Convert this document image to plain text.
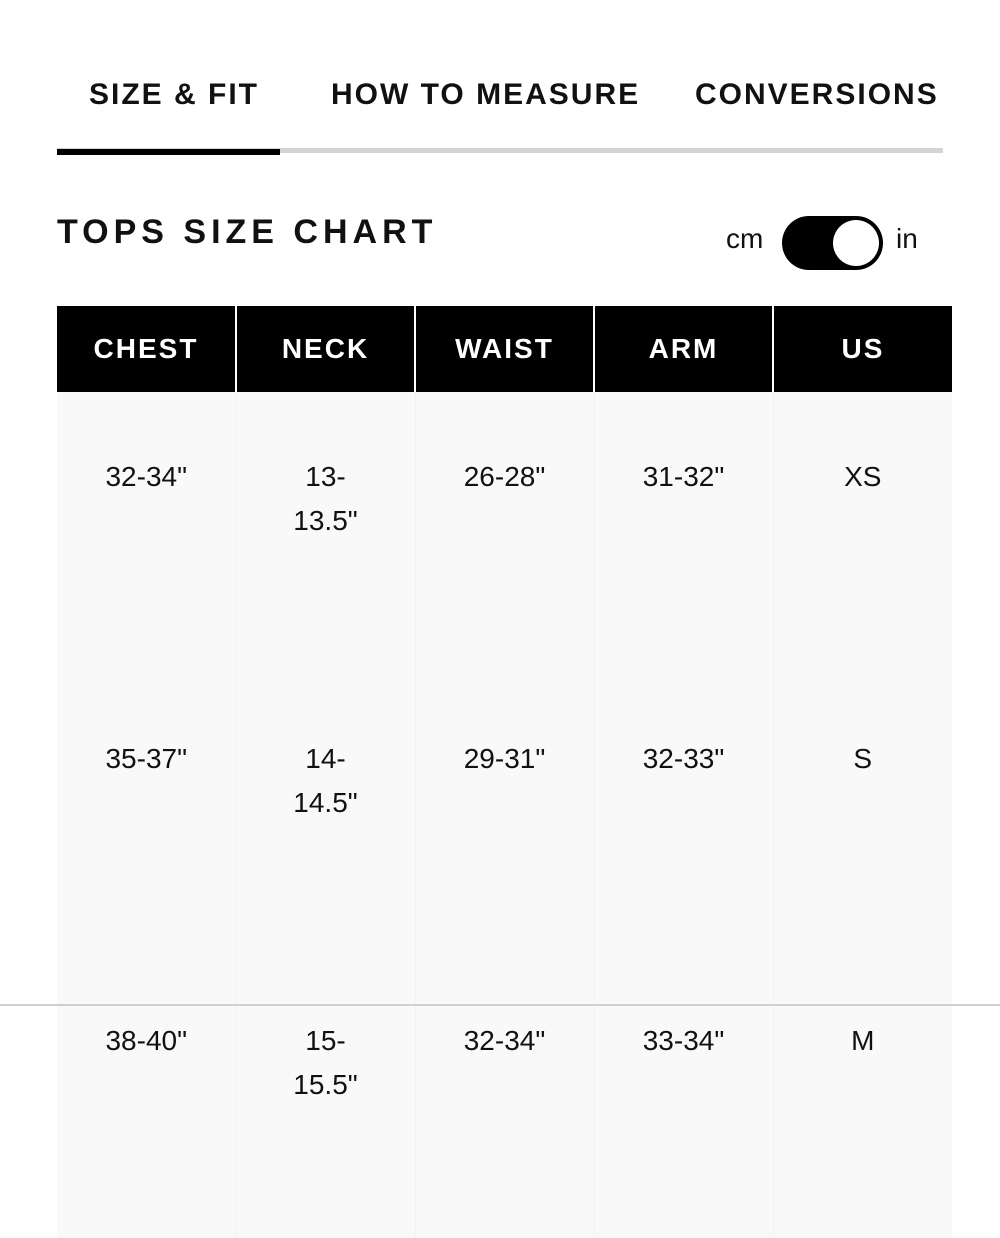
SIZE & FIT HOW TO MEASURE CONVERSIONS
TOPS SIZE CHART	cm	in
CHEST	NECK	WAIST	ARM	US
32-34"	13-13.5"	26-28"	31-32"	XS
35-37"	14-14.5"	29-31"	32-33"	S
38-40"	15-15.5"	32-34"	33-34"	M
